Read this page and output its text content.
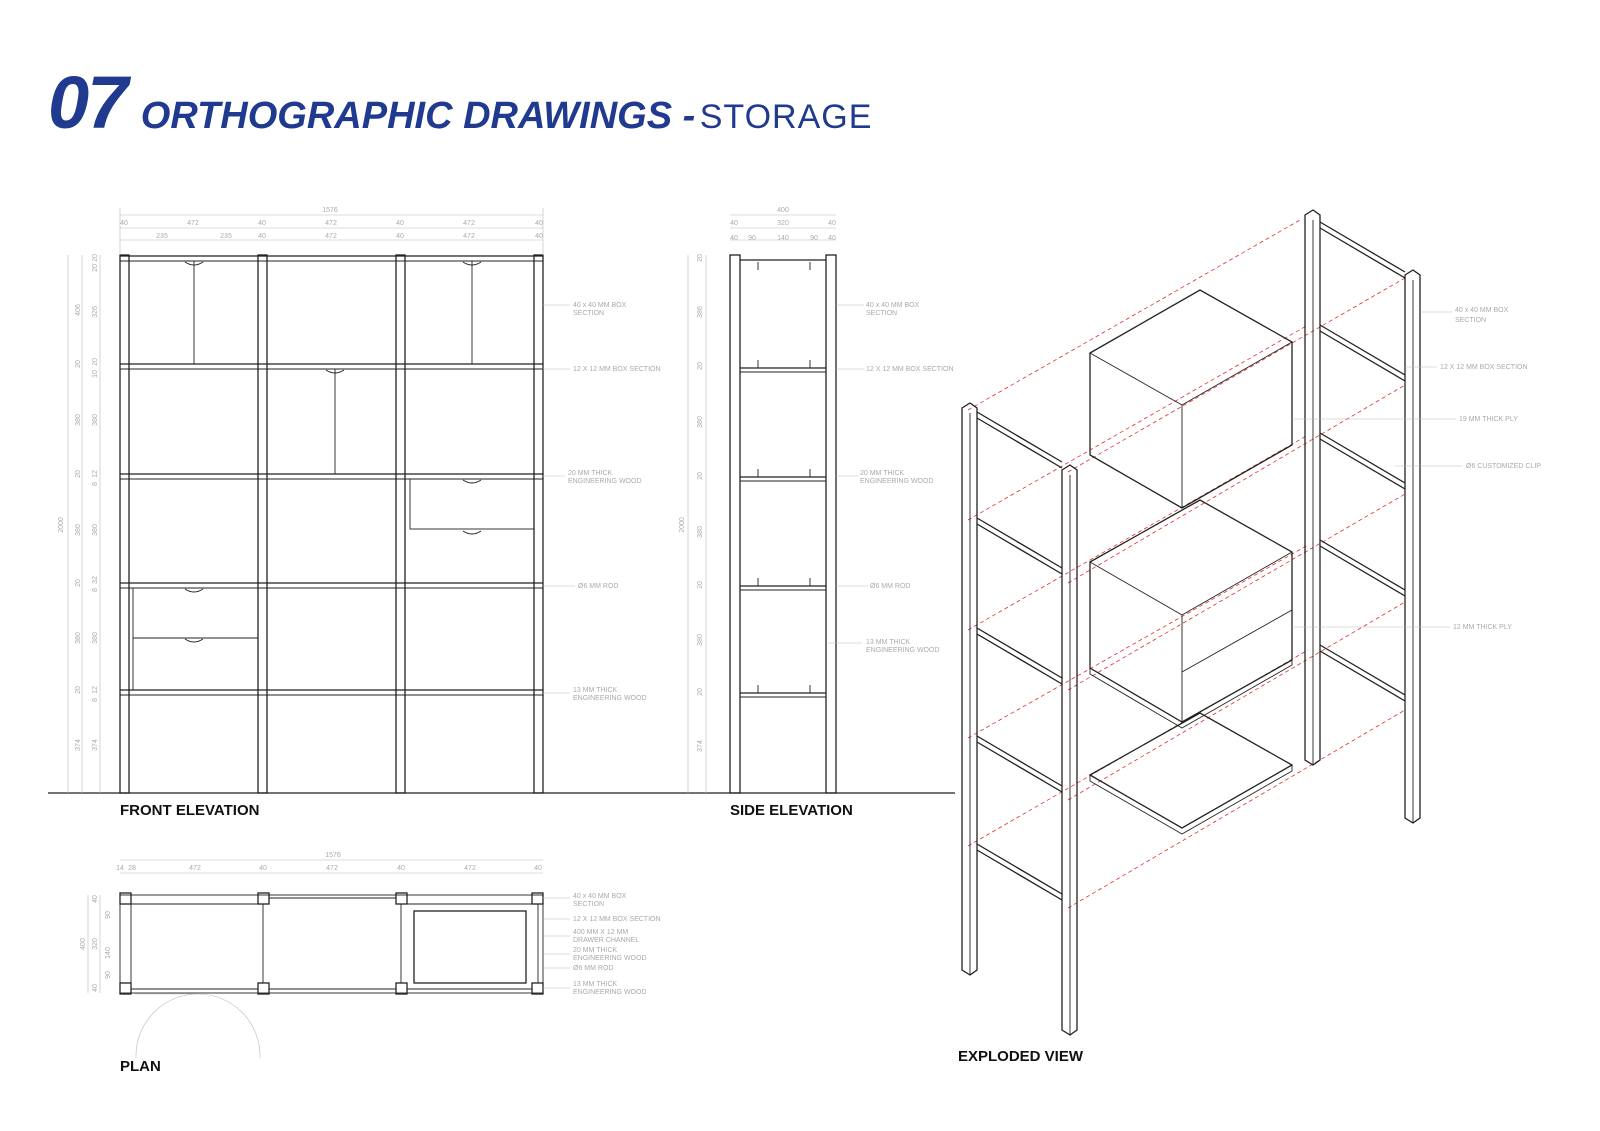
07 ORTHOGRAPHIC DRAWINGS - STORAGE
1576
40	472	40	472	40	472	40
235	235	40	472	40	472	40
2000
406
20
380
20
380
20
380
20
374
20
20
326
20
10
380
12
8
380
32
8
380
12
8
374
40 x 40 MM BOX
SECTION
12 X 12 MM BOX SECTION
20 MM THICK
ENGINEERING WOOD
Ø6 MM ROD
13 MM THICK
ENGINEERING WOOD
400
40	320	40
40 90	140	90 40
2000
20
386
20
380
20
380
20
380
20
374
40 x 40 MM BOX
SECTION
12 X 12 MM BOX SECTION
20 MM THICK
ENGINEERING WOOD
Ø6 MM ROD
13 MM THICK
ENGINEERING WOOD
1576
14 28	472	40	472	40	472	40
400
40
90
320
140
90
40
40 x 40 MM BOX
SECTION
12 X 12 MM BOX SECTION
400 MM X 12 MM
DRAWER CHANNEL
20 MM THICK
ENGINEERING WOOD
Ø6 MM ROD
13 MM THICK
ENGINEERING WOOD
40 x 40 MM BOX
SECTION
12 X 12 MM BOX SECTION
19 MM THICK PLY
Ø6 CUSTOMIZED CLIP
12 MM THICK PLY
FRONT ELEVATION	SIDE ELEVATION
PLAN
EXPLODED VIEW
